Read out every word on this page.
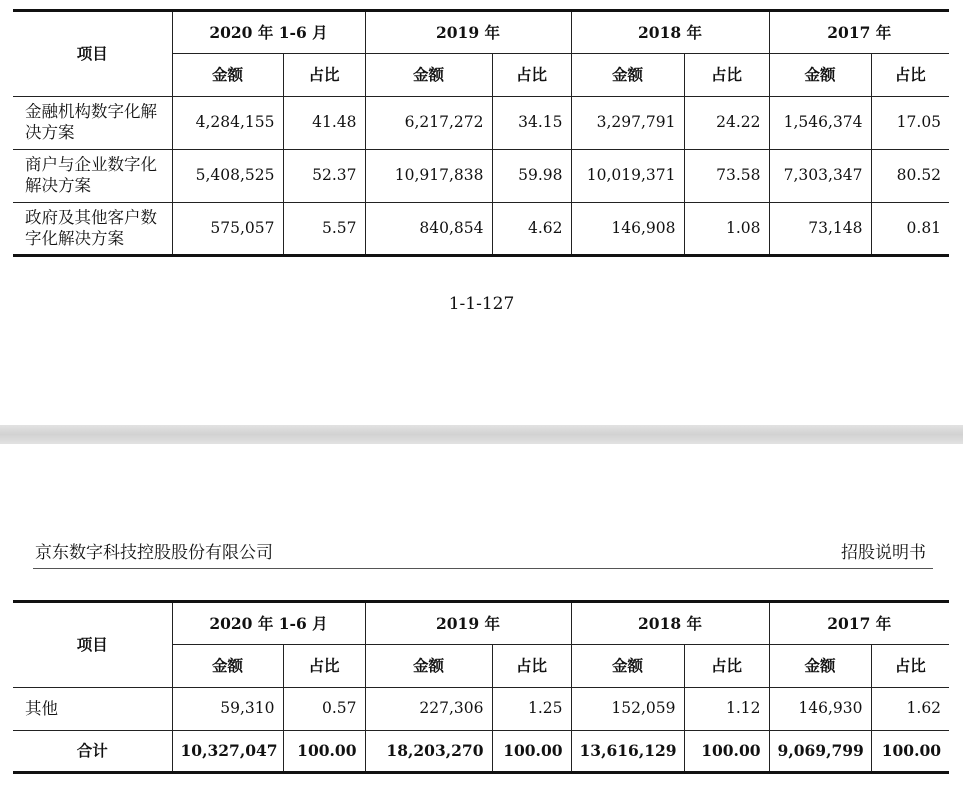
项目	2020 年 1-6 月		2019 年		2018 年		2017 年	
	金额	占比	金额	占比	金额	占比	金额	占比
金融机构数字化解决方案	4,284,155	41.48	6,217,272	34.15	3,297,791	24.22	1,546,374	17.05
商户与企业数字化解决方案	5,408,525	52.37	10,917,838	59.98	10,019,371	73.58	7,303,347	80.52
政府及其他客户数字化解决方案	575,057	5.57	840,854	4.62	146,908	1.08	73,148	0.81
1-1-127
京东数字科技控股股份有限公司	招股说明书
项目	2020 年 1-6 月		2019 年		2018 年		2017 年	
	金额	占比	金额	占比	金额	占比	金额	占比
其他	59,310	0.57	227,306	1.25	152,059	1.12	146,930	1.62
合计	10,327,047	100.00	18,203,270	100.00	13,616,129	100.00	9,069,799	100.00
